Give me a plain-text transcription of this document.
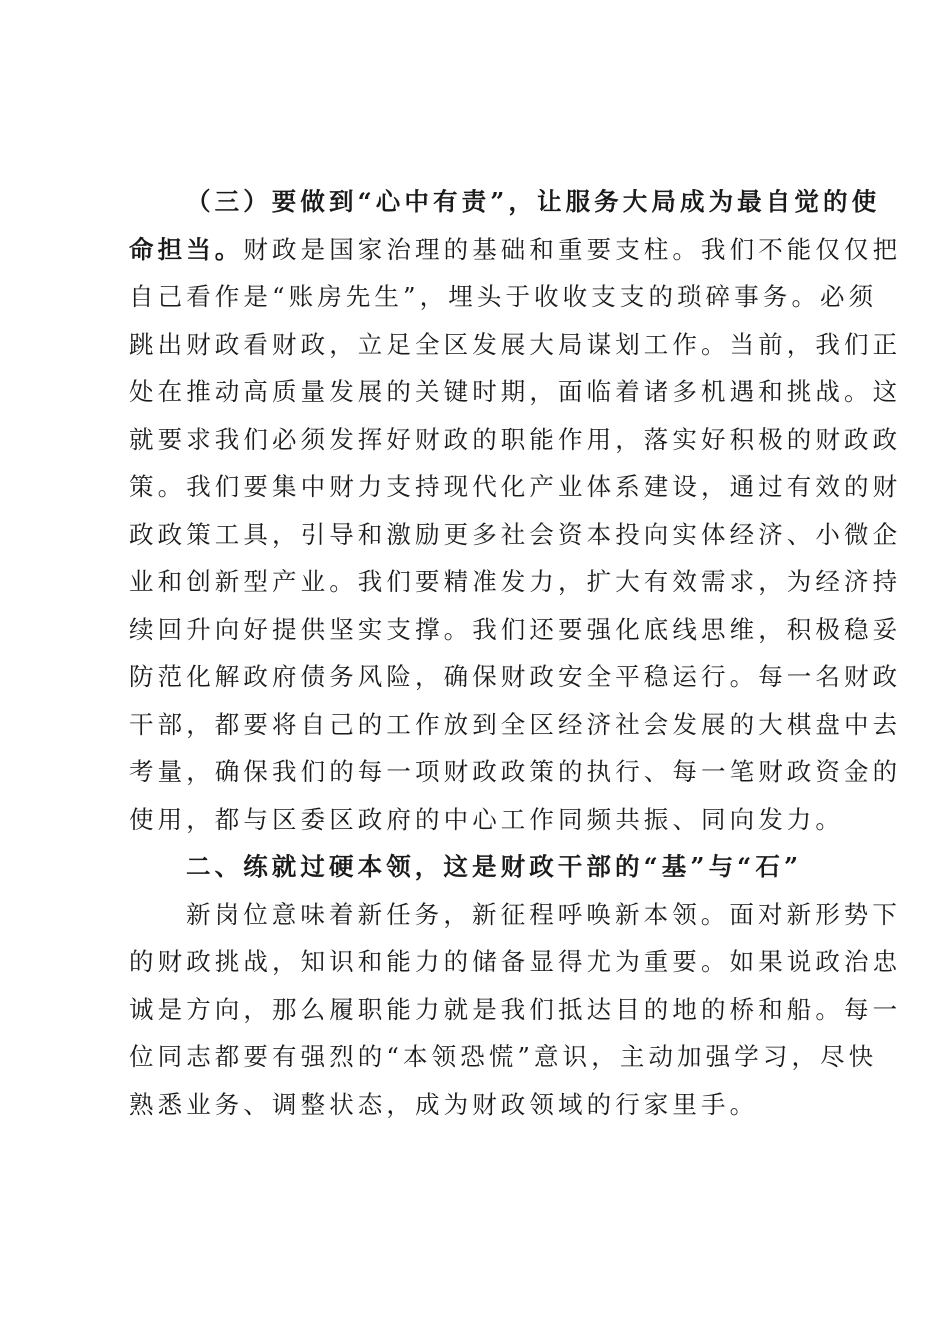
（三）要做到“心中有责”，让服务大局成为最自觉的使
命担当。财政是国家治理的基础和重要支柱。我们不能仅仅把
自己看作是“账房先生”，埋头于收收支支的琐碎事务。必须
跳出财政看财政，立足全区发展大局谋划工作。当前，我们正
处在推动高质量发展的关键时期，面临着诸多机遇和挑战。这
就要求我们必须发挥好财政的职能作用，落实好积极的财政政
策。我们要集中财力支持现代化产业体系建设，通过有效的财
政政策工具，引导和激励更多社会资本投向实体经济、小微企
业和创新型产业。我们要精准发力，扩大有效需求，为经济持
续回升向好提供坚实支撑。我们还要强化底线思维，积极稳妥
防范化解政府债务风险，确保财政安全平稳运行。每一名财政
干部，都要将自己的工作放到全区经济社会发展的大棋盘中去
考量，确保我们的每一项财政政策的执行、每一笔财政资金的
使用，都与区委区政府的中心工作同频共振、同向发力。
二、练就过硬本领，这是财政干部的“基”与“石”
新岗位意味着新任务，新征程呼唤新本领。面对新形势下
的财政挑战，知识和能力的储备显得尤为重要。如果说政治忠
诚是方向，那么履职能力就是我们抵达目的地的桥和船。每一
位同志都要有强烈的“本领恐慌”意识，主动加强学习，尽快
熟悉业务、调整状态，成为财政领域的行家里手。
